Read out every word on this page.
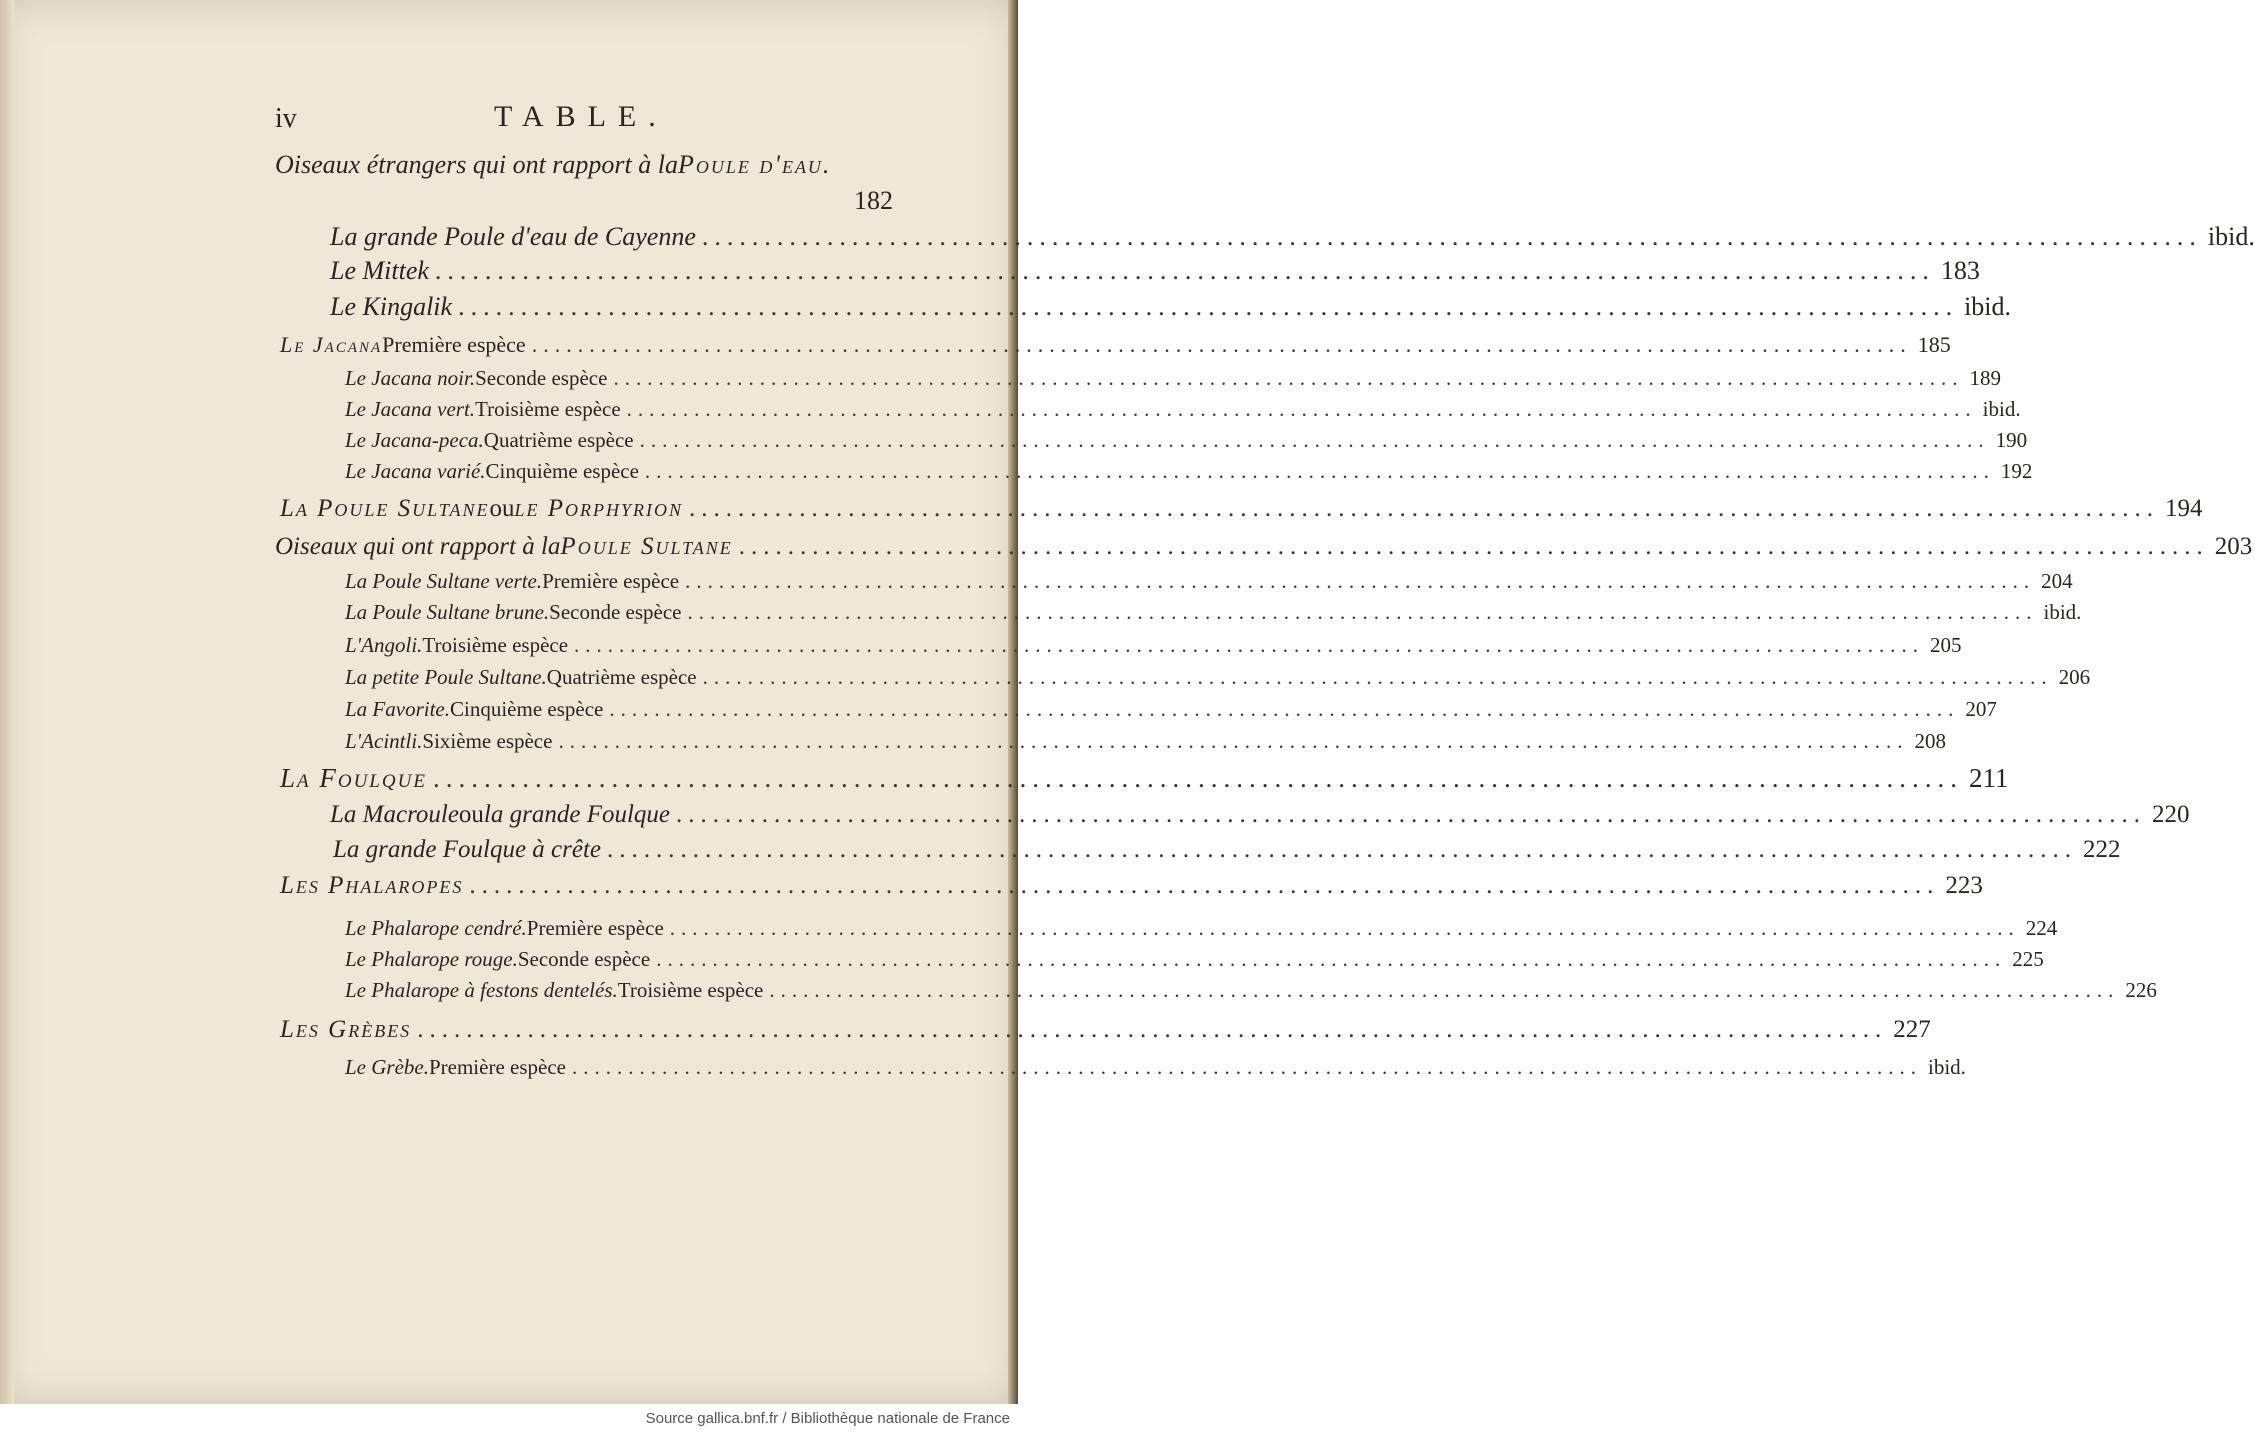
iv	TABLE.
Oiseaux étrangers qui ont rapport à la Poule d'eau.
182
La grande Poule d'eau de Cayenne ........................................................................................................................ ibid.
Le Mittek ........................................................................................................................ 183
Le Kingalik ........................................................................................................................ ibid.
Le Jacana Première espèce ........................................................................................................................ 185
Le Jacana noir. Seconde espèce ........................................................................................................................ 189
Le Jacana vert. Troisième espèce ........................................................................................................................ ibid.
Le Jacana-peca. Quatrième espèce ........................................................................................................................ 190
Le Jacana varié. Cinquième espèce ........................................................................................................................ 192
La Poule Sultane ou le Porphyrion ........................................................................................................................ 194
Oiseaux qui ont rapport à la Poule Sultane ........................................................................................................................ 203
La Poule Sultane verte. Première espèce ........................................................................................................................ 204
La Poule Sultane brune. Seconde espèce ........................................................................................................................ ibid.
L'Angoli. Troisième espèce ........................................................................................................................ 205
La petite Poule Sultane. Quatrième espèce ........................................................................................................................ 206
La Favorite. Cinquième espèce ........................................................................................................................ 207
L'Acintli. Sixième espèce ........................................................................................................................ 208
La Foulque ........................................................................................................................ 211
La Macroule ou la grande Foulque ........................................................................................................................ 220
La grande Foulque à crête ........................................................................................................................ 222
Les Phalaropes ........................................................................................................................ 223
Le Phalarope cendré. Première espèce ........................................................................................................................ 224
Le Phalarope rouge. Seconde espèce ........................................................................................................................ 225
Le Phalarope à festons dentelés. Troisième espèce ........................................................................................................................ 226
Les Grèbes ........................................................................................................................ 227
Le Grèbe. Première espèce ........................................................................................................................ ibid.
Source gallica.bnf.fr / Bibliothèque nationale de France
